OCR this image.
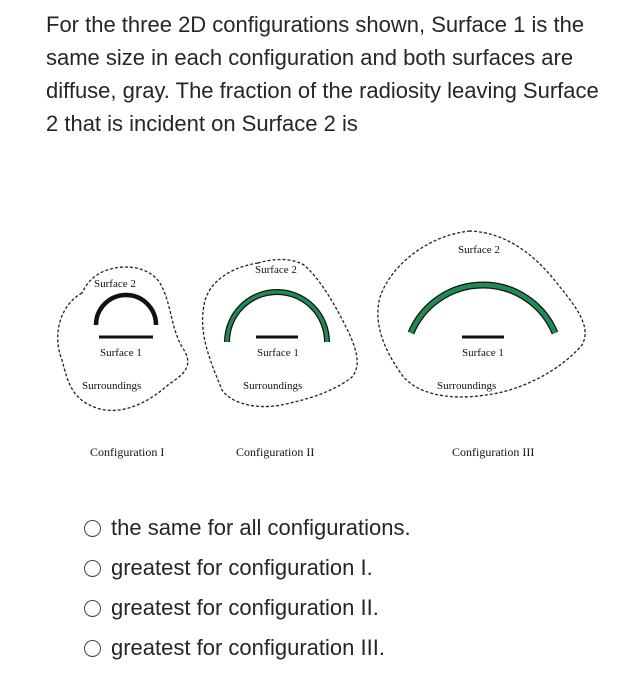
For the three 2D configurations shown, Surface 1 is the same size in each configuration and both surfaces are diffuse, gray. The fraction of the radiosity leaving Surface 2 that is incident on Surface 2 is

Surface 2
Surface 1
Surroundings
Configuration I
Surface 2
Surface 1
Surroundings
Configuration II
Surface 2
Surface 1
Surroundings
Configuration III
the same for all configurations.
greatest for configuration I.
greatest for configuration II.
greatest for configuration III.
